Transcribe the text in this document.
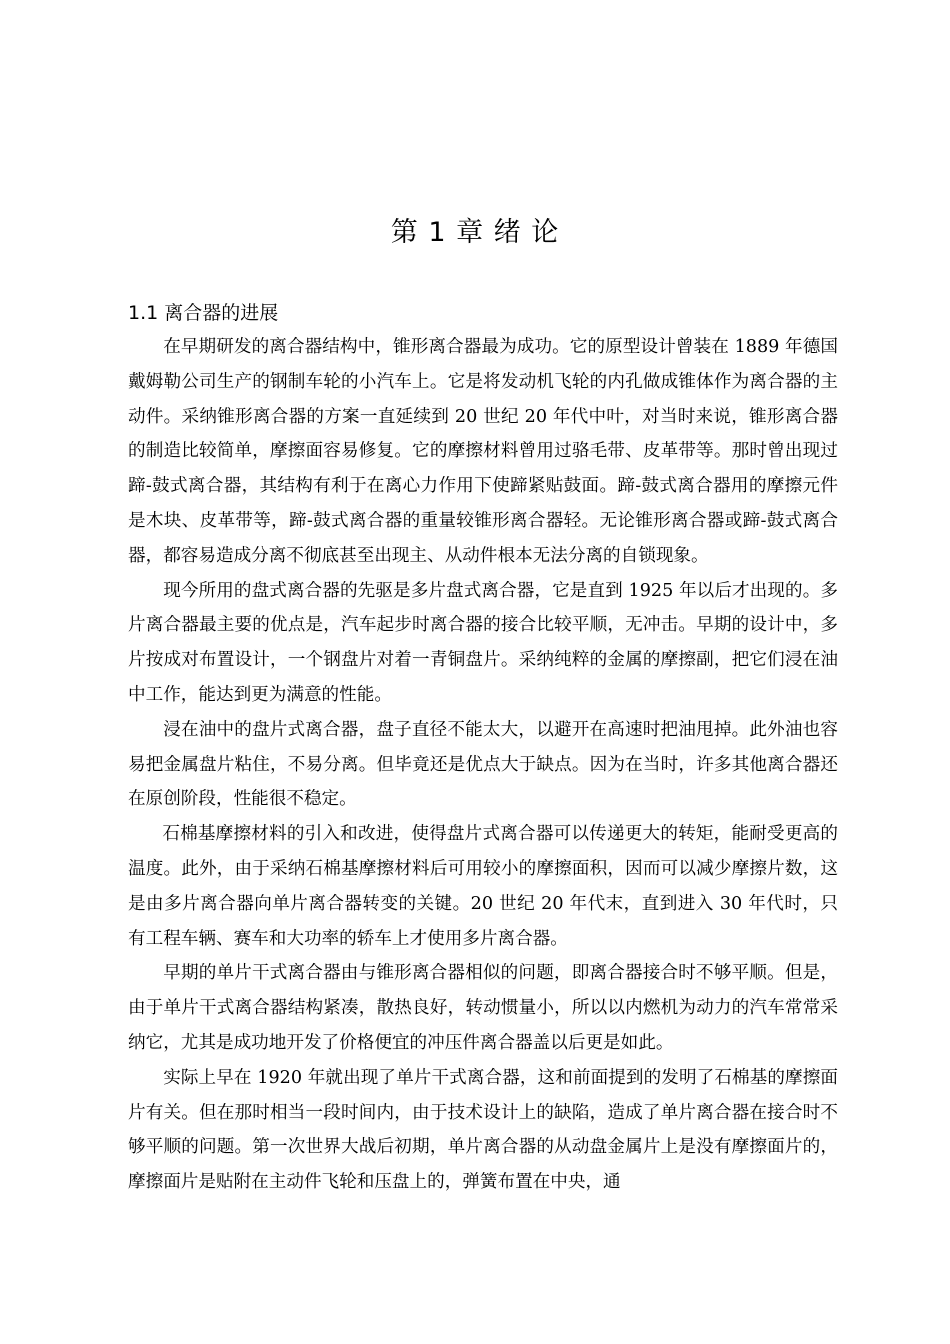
第 1 章 绪 论
1.1 离合器的进展

在早期研发的离合器结构中，锥形离合器最为成功。它的原型设计曾装在 1889 年德国戴姆勒公司生产的钢制车轮的小汽车上。它是将发动机飞轮的内孔做成锥体作为离合器的主动件。采纳锥形离合器的方案一直延续到 20 世纪 20 年代中叶，对当时来说，锥形离合器的制造比较简单，摩擦面容易修复。它的摩擦材料曾用过骆毛带、皮革带等。那时曾出现过蹄-鼓式离合器，其结构有利于在离心力作用下使蹄紧贴鼓面。蹄-鼓式离合器用的摩擦元件是木块、皮革带等，蹄-鼓式离合器的重量较锥形离合器轻。无论锥形离合器或蹄-鼓式离合器，都容易造成分离不彻底甚至出现主、从动件根本无法分离的自锁现象。

现今所用的盘式离合器的先驱是多片盘式离合器，它是直到 1925 年以后才出现的。多片离合器最主要的优点是，汽车起步时离合器的接合比较平顺，无冲击。早期的设计中，多片按成对布置设计，一个钢盘片对着一青铜盘片。采纳纯粹的金属的摩擦副，把它们浸在油中工作，能达到更为满意的性能。

浸在油中的盘片式离合器，盘子直径不能太大，以避开在高速时把油甩掉。此外油也容易把金属盘片粘住，不易分离。但毕竟还是优点大于缺点。因为在当时，许多其他离合器还在原创阶段，性能很不稳定。

石棉基摩擦材料的引入和改进，使得盘片式离合器可以传递更大的转矩，能耐受更高的温度。此外，由于采纳石棉基摩擦材料后可用较小的摩擦面积，因而可以减少摩擦片数，这是由多片离合器向单片离合器转变的关键。20 世纪 20 年代末，直到进入 30 年代时，只有工程车辆、赛车和大功率的轿车上才使用多片离合器。

早期的单片干式离合器由与锥形离合器相似的问题，即离合器接合时不够平顺。但是，由于单片干式离合器结构紧凑，散热良好，转动惯量小，所以以内燃机为动力的汽车常常采纳它，尤其是成功地开发了价格便宜的冲压件离合器盖以后更是如此。

实际上早在 1920 年就出现了单片干式离合器，这和前面提到的发明了石棉基的摩擦面片有关。但在那时相当一段时间内，由于技术设计上的缺陷，造成了单片离合器在接合时不够平顺的问题。第一次世界大战后初期，单片离合器的从动盘金属片上是没有摩擦面片的，摩擦面片是贴附在主动件飞轮和压盘上的，弹簧布置在中央，通
